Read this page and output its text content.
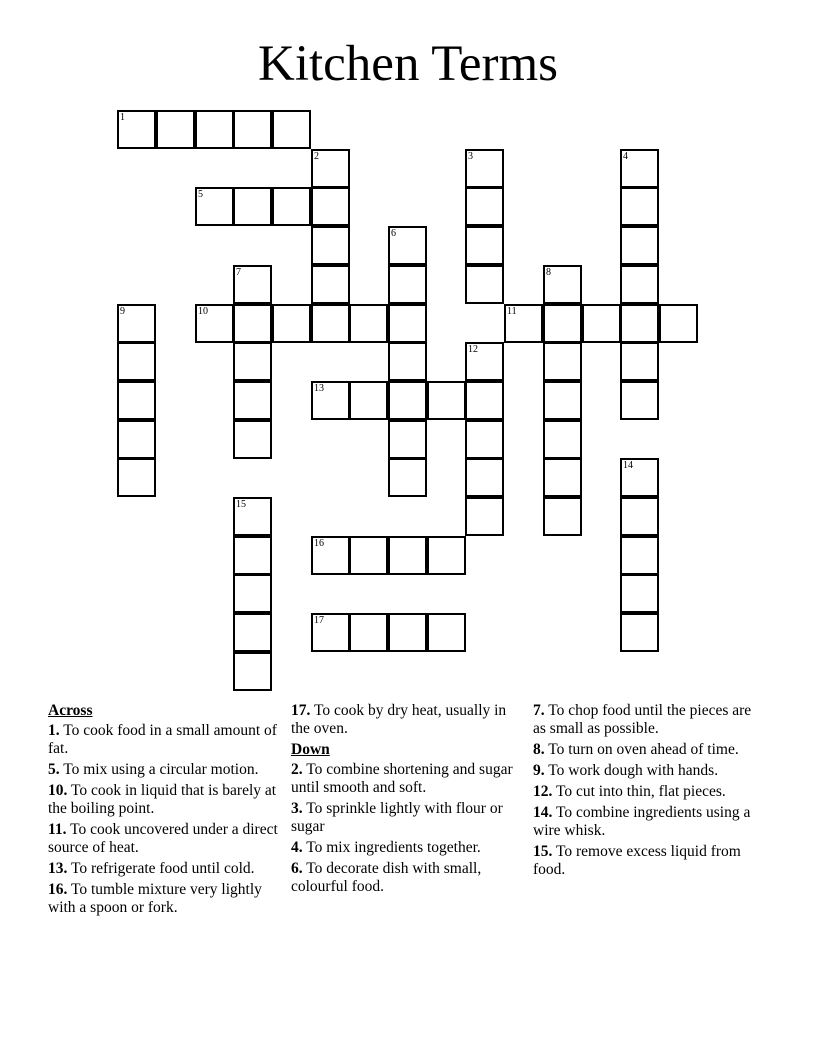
Kitchen Terms
1
2	3	4
5
6
7	8
9	10	11
12
13
14
15
16
17
Across
1. To cook food in a small amount of fat.
5. To mix using a circular motion.
10. To cook in liquid that is barely at the boiling point.
11. To cook uncovered under a direct source of heat.
13. To refrigerate food until cold.
16. To tumble mixture very lightly with a spoon or fork.
17. To cook by dry heat, usually in the oven.
Down
2. To combine shortening and sugar until smooth and soft.
3. To sprinkle lightly with flour or sugar
4. To mix ingredients together.
6. To decorate dish with small, colourful food.
7. To chop food until the pieces are as small as possible.
8. To turn on oven ahead of time.
9. To work dough with hands.
12. To cut into thin, flat pieces.
14. To combine ingredients using a wire whisk.
15. To remove excess liquid from food.
